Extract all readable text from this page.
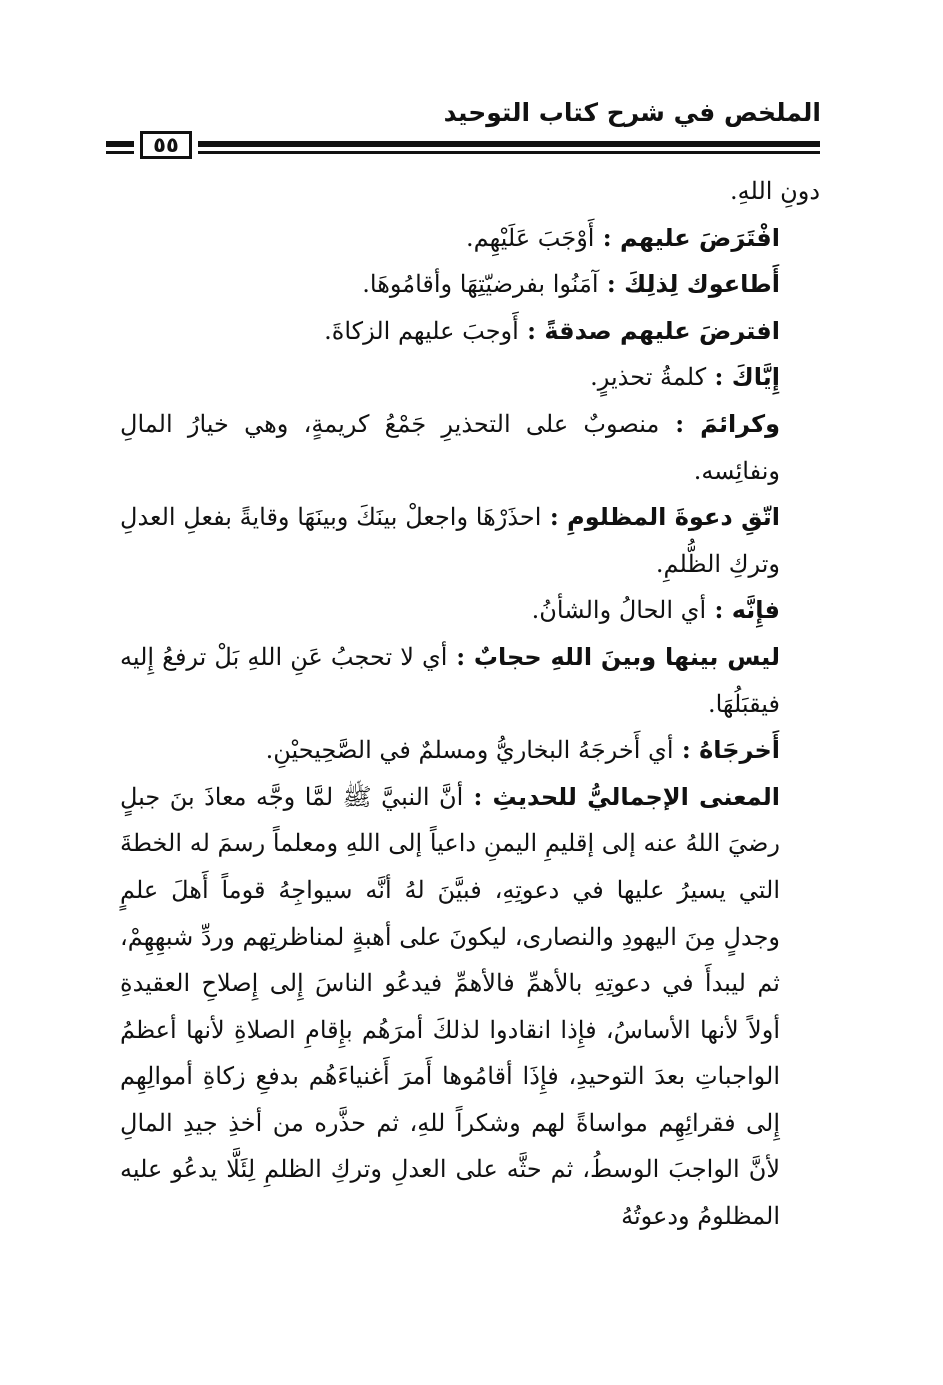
الملخص في شرح كتاب التوحيد
٥٥

دونِ اللهِ.

افْتَرَضَ عليهم : أَوْجَبَ عَلَيْهِم.

أَطاعوك لِذلِكَ : آمَنُوا بفرضيّتِهَا وأقامُوهَا.

افترضَ عليهم صدقةً : أَوجبَ عليهم الزكاةَ.

إِيَّاكَ : كلمةُ تحذيرٍ.

وكرائمَ : منصوبٌ على التحذيرِ جَمْعُ كريمةٍ، وهي خيارُ المالِ ونفائِسه.

اتّقِ دعوةَ المظلومِ : احذَرْهَا واجعلْ بينَكَ وبينَهَا وقايةً بفعلِ العدلِ وتركِ الظُّلمِ.

فإِنَّه : أي الحالُ والشأنُ.

ليس بينها وبينَ اللهِ حجابٌ : أي لا تحجبُ عَنِ اللهِ بَلْ ترفعُ إِليه فيقبَلُهَا.

أَخرجَاهُ : أي أَخرجَهُ البخاريُّ ومسلمٌ في الصَّحِيحيْنِ.

المعنى الإجماليُّ للحديثِ : أنَّ النبيَّ ﷺ لمَّا وجَّه معاذَ بنَ جبلٍ رضيَ اللهُ عنه إلى إقليمِ اليمنِ داعياً إلى اللهِ ومعلماً رسمَ له الخطةَ التي يسيرُ عليها في دعوتِهِ، فبيَّنَ لهُ أنَّه سيواجِهُ قوماً أَهلَ علمٍ وجدلٍ مِنَ اليهودِ والنصارى، ليكونَ على أهبةٍ لمناظرتِهم وردِّ شبهِهِمْ، ثم ليبدأَ في دعوتِهِ بالأهمِّ فالأهمِّ فيدعُو الناسَ إِلى إِصلاحِ العقيدةِ أولاً لأنها الأساسُ، فإِذا انقادوا لذلكَ أمرَهُم بإِقامِ الصلاةِ لأنها أعظمُ الواجباتِ بعدَ التوحيدِ، فإِذَا أقامُوها أَمرَ أَغنياءَهُم بدفعِ زكاةِ أموالِهِم إِلى فقرائِهِم مواساةً لهم وشكراً للهِ، ثم حذَّره من أخذِ جيدِ المالِ لأنَّ الواجبَ الوسطُ، ثم حثَّه على العدلِ وتركِ الظلمِ لِئَلَّا يدعُو عليه المظلومُ ودعوتُهُ
